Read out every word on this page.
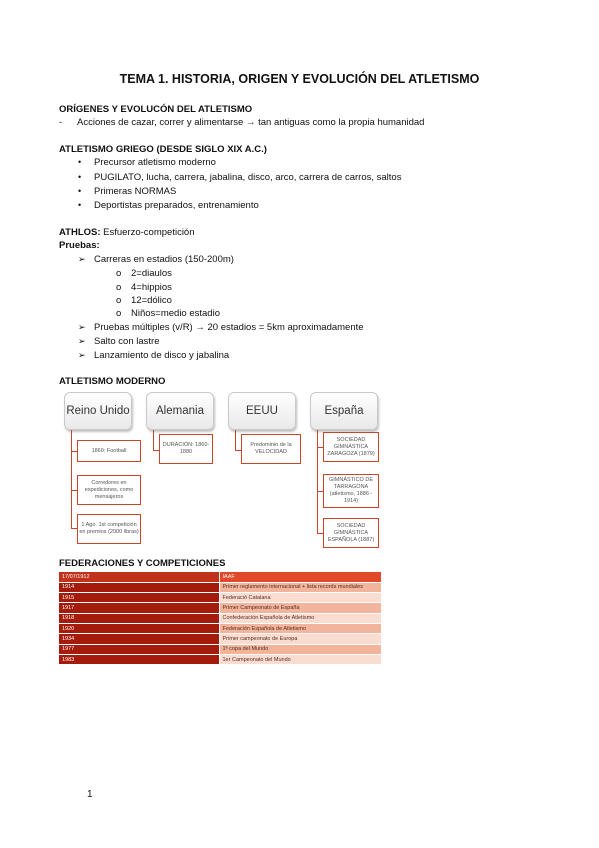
TEMA 1. HISTORIA, ORIGEN Y EVOLUCIÓN DEL ATLETISMO
ORÍGENES Y EVOLUCÓN DEL ATLETISMO
- Acciones de cazar, correr y alimentarse → tan antiguas como la propia humanidad
ATLETISMO GRIEGO (DESDE SIGLO XIX A.C.)
• Precursor atletismo moderno
• PUGILATO, lucha, carrera, jabalina, disco, arco, carrera de carros, saltos
• Primeras NORMAS
• Deportistas preparados, entrenamiento
ATHLOS: Esfuerzo-competición
Pruebas:
➢ Carreras en estadios (150-200m)
o 2=diaulos
o 4=hippios
o 12=dólico
o Niños=medio estadio
➢ Pruebas múltiples (v/R) → 20 estadios = 5km aproximadamente
➢ Salto con lastre
➢ Lanzamiento de disco y jabalina
ATLETISMO MODERNO
Reino Unido	Alemania	EEUU	España
1860: Football
Corredores en expediciones, como mensajeros
1 Ago. 1st competición en premios (2000 libras)
DURACIÓN: 1860-1880
Predominio de la VELOCIDAD
SOCIEDAD GIMNÁSTICA ZARAGOZA (1879)
GIMNÁSTICO DE TARRAGONA (atletismo, 1886 - 1914)
SOCIEDAD GIMNÁSTICA ESPAÑOLA (1887)
FEDERACIONES Y COMPETICIONES
17/07/1912	IAAF
1914	Primer reglamento internacional + lista records mundiales
1915	Federació Catalana
1917	Primer Campeonato de España
1918	Confederación Española de Atletismo
1920	Federación Española de Atletismo
1934	Primer campeonato de Europa
1977	1ª copa del Mundo
1983	1er Campeonato del Mundo
1
